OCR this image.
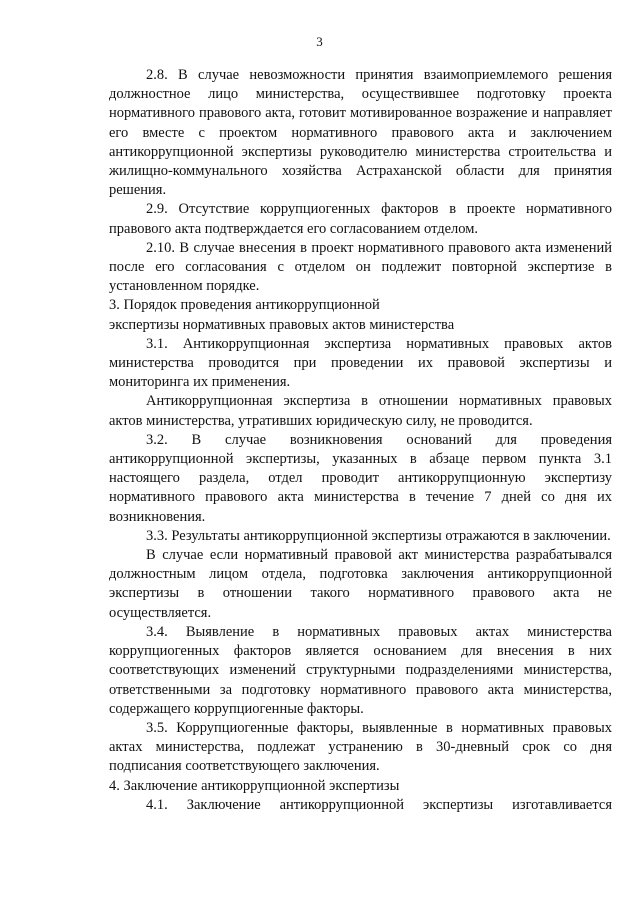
3

2.8. В случае невозможности принятия взаимоприемлемого решения должностное лицо министерства, осуществившее подготовку проекта нормативного правового акта, готовит мотивированное возражение и направляет его вместе с проектом нормативного правового акта и заключением антикоррупционной экспертизы руководителю министерства строительства и жилищно-коммунального хозяйства Астраханской области для принятия решения.

2.9. Отсутствие коррупциогенных факторов в проекте нормативного правового акта подтверждается его согласованием отделом.

2.10. В случае внесения в проект нормативного правового акта изменений после его согласования с отделом он подлежит повторной экспертизе в установленном порядке.

3. Порядок проведения антикоррупционной

экспертизы нормативных правовых актов министерства

3.1. Антикоррупционная экспертиза нормативных правовых актов министерства проводится при проведении их правовой экспертизы и мониторинга их применения.

Антикоррупционная экспертиза в отношении нормативных правовых актов министерства, утративших юридическую силу, не проводится.

3.2. В случае возникновения оснований для проведения антикоррупционной экспертизы, указанных в абзаце первом пункта 3.1 настоящего раздела, отдел проводит антикоррупционную экспертизу нормативного правового акта министерства в течение 7 дней со дня их возникновения.

3.3. Результаты антикоррупционной экспертизы отражаются в заключении.

В случае если нормативный правовой акт министерства разрабатывался должностным лицом отдела, подготовка заключения антикоррупционной экспертизы в отношении такого нормативного правового акта не осуществляется.

3.4. Выявление в нормативных правовых актах министерства коррупциогенных факторов является основанием для внесения в них соответствующих изменений структурными подразделениями министерства, ответственными за подготовку нормативного правового акта министерства, содержащего коррупциогенные факторы.

3.5. Коррупциогенные факторы, выявленные в нормативных правовых актах министерства, подлежат устранению в 30-дневный срок со дня подписания соответствующего заключения.

4. Заключение антикоррупционной экспертизы

4.1. Заключение антикоррупционной экспертизы изготавливается
